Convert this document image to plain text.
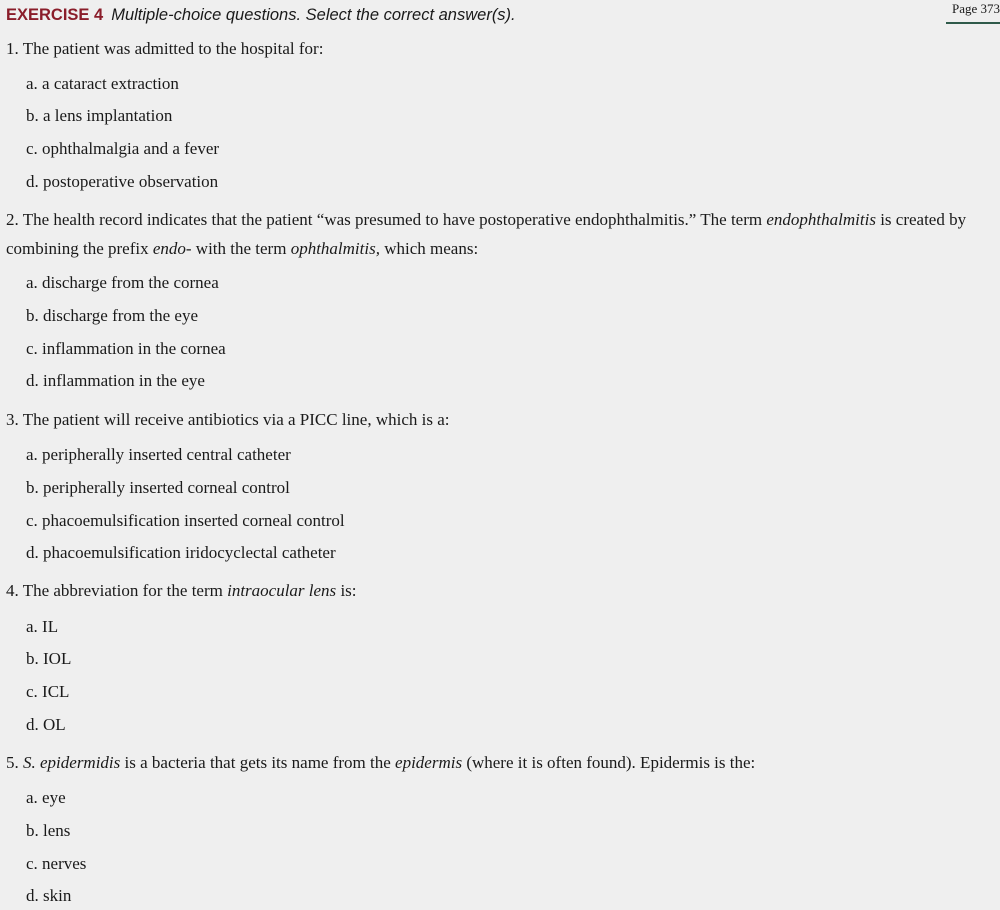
EXERCISE 4 Multiple-choice questions. Select the correct answer(s).	Page 373
1. The patient was admitted to the hospital for:
a. a cataract extraction
b. a lens implantation
c. ophthalmalgia and a fever
d. postoperative observation
2. The health record indicates that the patient “was presumed to have postoperative endophthalmitis.” The term endophthalmitis is created by combining the prefix endo- with the term ophthalmitis, which means:
a. discharge from the cornea
b. discharge from the eye
c. inflammation in the cornea
d. inflammation in the eye
3. The patient will receive antibiotics via a PICC line, which is a:
a. peripherally inserted central catheter
b. peripherally inserted corneal control
c. phacoemulsification inserted corneal control
d. phacoemulsification iridocyclectal catheter
4. The abbreviation for the term intraocular lens is:
a. IL
b. IOL
c. ICL
d. OL
5. S. epidermidis is a bacteria that gets its name from the epidermis (where it is often found). Epidermis is the:
a. eye
b. lens
c. nerves
d. skin
